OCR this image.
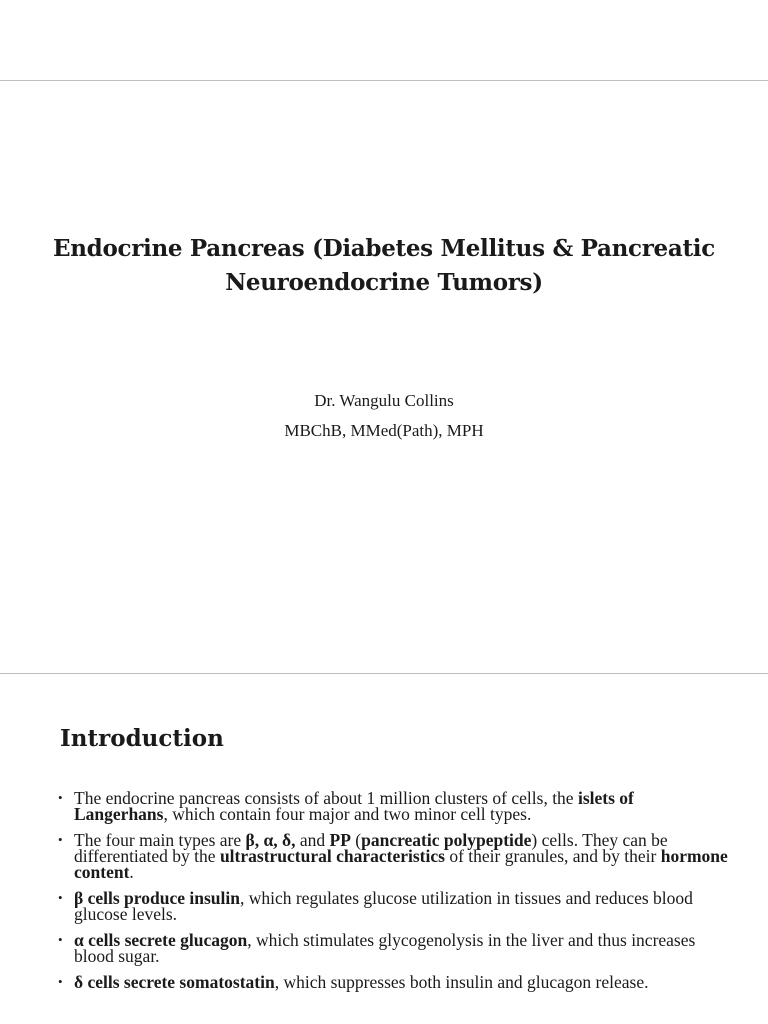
Endocrine Pancreas (Diabetes Mellitus & Pancreatic
Neuroendocrine Tumors)
Dr. Wangulu Collins
MBChB, MMed(Path), MPH
Introduction
• The endocrine pancreas consists of about 1 million clusters of cells, the islets of Langerhans, which contain four major and two minor cell types.
• The four main types are β, α, δ, and PP (pancreatic polypeptide) cells. They can be differentiated by the ultrastructural characteristics of their granules, and by their hormone content.
• β cells produce insulin, which regulates glucose utilization in tissues and reduces blood glucose levels.
• α cells secrete glucagon, which stimulates glycogenolysis in the liver and thus increases blood sugar.
• δ cells secrete somatostatin, which suppresses both insulin and glucagon release.
